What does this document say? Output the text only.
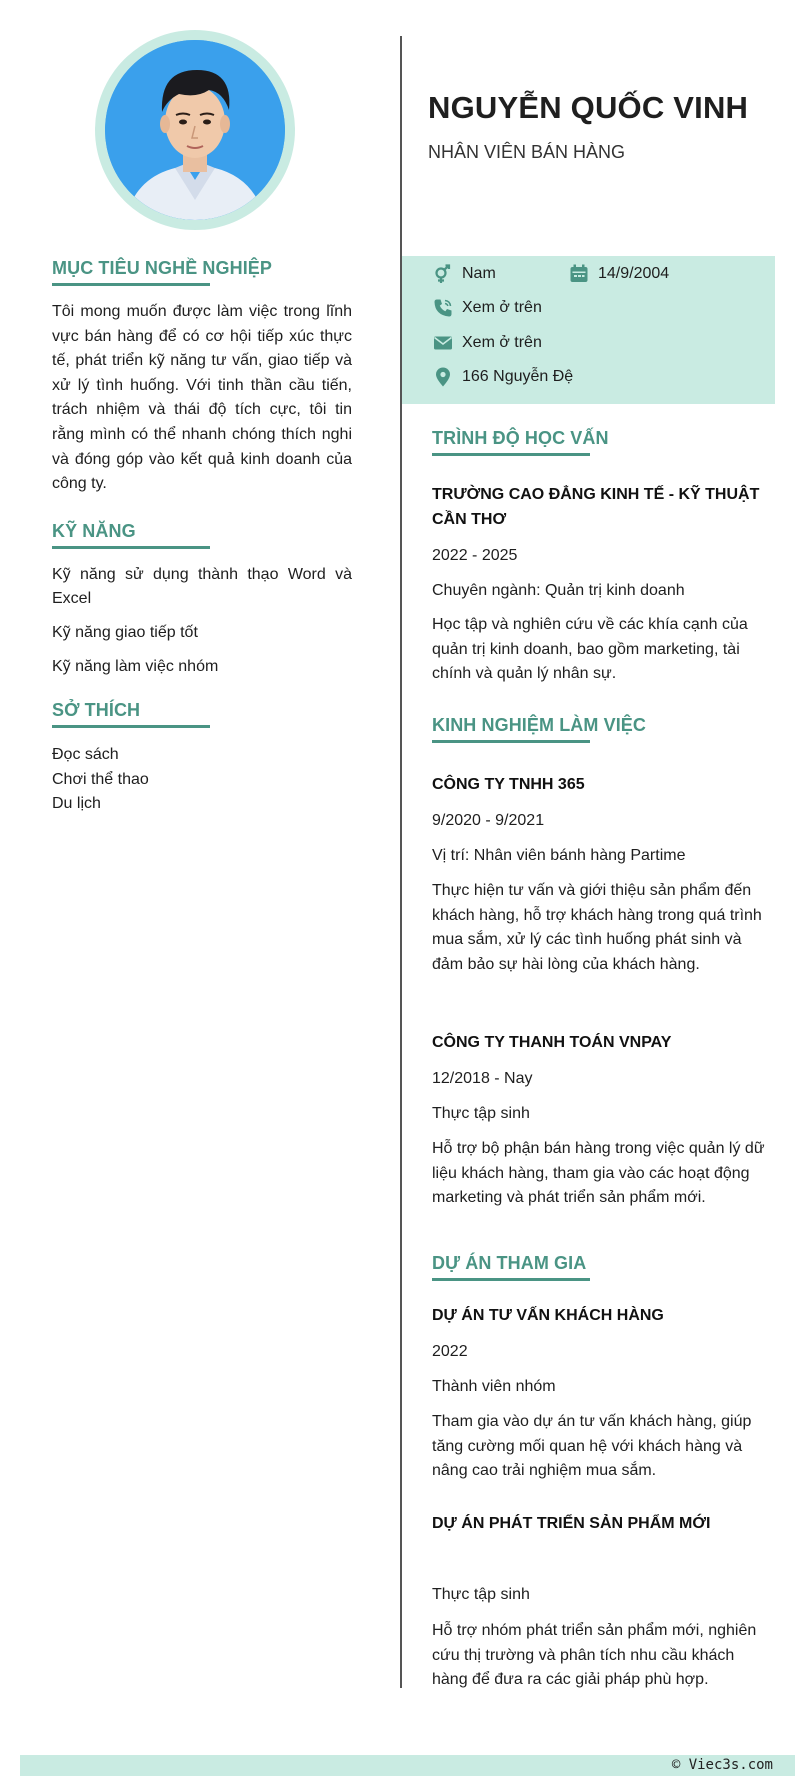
MỤC TIÊU NGHỀ NGHIỆP
Tôi mong muốn được làm việc trong lĩnh vực bán hàng để có cơ hội tiếp xúc thực tế, phát triển kỹ năng tư vấn, giao tiếp và xử lý tình huống. Với tinh thần cầu tiến, trách nhiệm và thái độ tích cực, tôi tin rằng mình có thể nhanh chóng thích nghi và đóng góp vào kết quả kinh doanh của công ty.
KỸ NĂNG
Kỹ năng sử dụng thành thạo Word và Excel
Kỹ năng giao tiếp tốt
Kỹ năng làm việc nhóm
SỞ THÍCH
Đọc sách
Chơi thể thao
Du lịch
NGUYỄN QUỐC VINH
NHÂN VIÊN BÁN HÀNG
Nam	14/9/2004
Xem ở trên
Xem ở trên
166 Nguyễn Đệ
TRÌNH ĐỘ HỌC VẤN
TRƯỜNG CAO ĐẲNG KINH TẾ - KỸ THUẬT CẦN THƠ
2022 - 2025
Chuyên ngành: Quản trị kinh doanh
Học tập và nghiên cứu về các khía cạnh của quản trị kinh doanh, bao gồm marketing, tài chính và quản lý nhân sự.
KINH NGHIỆM LÀM VIỆC
CÔNG TY TNHH 365
9/2020 - 9/2021
Vị trí: Nhân viên bánh hàng Partime
Thực hiện tư vấn và giới thiệu sản phẩm đến khách hàng, hỗ trợ khách hàng trong quá trình mua sắm, xử lý các tình huống phát sinh và đảm bảo sự hài lòng của khách hàng.
CÔNG TY THANH TOÁN VNPAY
12/2018 - Nay
Thực tập sinh
Hỗ trợ bộ phận bán hàng trong việc quản lý dữ liệu khách hàng, tham gia vào các hoạt động marketing và phát triển sản phẩm mới.
DỰ ÁN THAM GIA
DỰ ÁN TƯ VẤN KHÁCH HÀNG
2022
Thành viên nhóm
Tham gia vào dự án tư vấn khách hàng, giúp tăng cường mối quan hệ với khách hàng và nâng cao trải nghiệm mua sắm.
DỰ ÁN PHÁT TRIỂN SẢN PHẨM MỚI
Thực tập sinh
Hỗ trợ nhóm phát triển sản phẩm mới, nghiên cứu thị trường và phân tích nhu cầu khách hàng để đưa ra các giải pháp phù hợp.
© Viec3s.com
